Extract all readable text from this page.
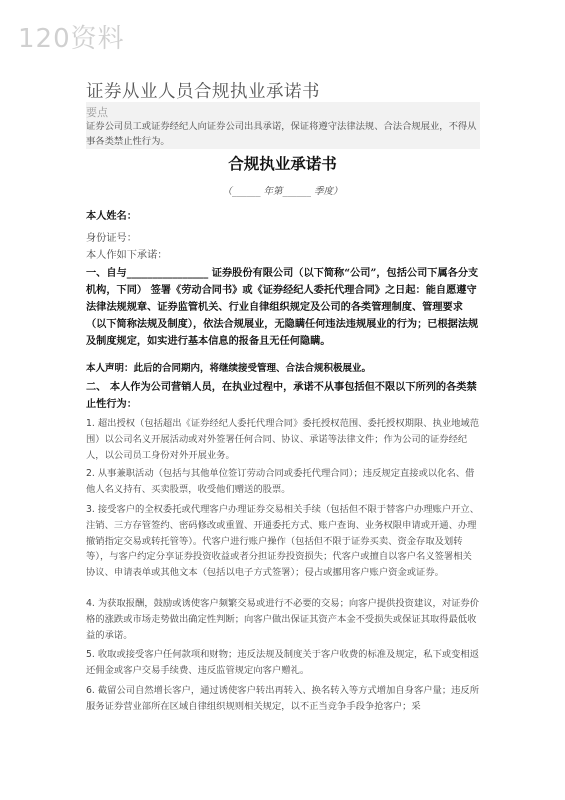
120资料
证券从业人员合规执业承诺书
要点
证券公司员工或证券经纪人向证券公司出具承诺，保证将遵守法律法规、合法合规展业，不得从事各类禁止性行为。
合规执业承诺书
（______ 年第______ 季度）
本人姓名：
身份证号：
本人作如下承诺：
一、自与________________ 证券股份有限公司（以下简称“公司”，包括公司下属各分支机构，下同） 签署《劳动合同书》或《证券经纪人委托代理合同》之日起：能自愿遵守法律法规规章、证券监管机关、行业自律组织规定及公司的各类管理制度、管理要求（以下简称法规及制度），依法合规展业，无隐瞒任何违法违规展业的行为；已根据法规及制度规定，如实进行基本信息的报备且无任何隐瞒。
本人声明：此后的合同期内，将继续接受管理、合法合规积极展业。
二、 本人作为公司营销人员，在执业过程中，承诺不从事包括但不限以下所列的各类禁止性行为：
1. 超出授权（包括超出《证券经纪人委托代理合同》委托授权范围、委托授权期限、执业地域范围）以公司名义开展活动或对外签署任何合同、协议、承诺等法律文件；作为公司的证券经纪人，以公司员工身份对外开展业务。
2. 从事兼职活动（包括与其他单位签订劳动合同或委托代理合同）；违反规定直接或以化名、借他人名义持有、买卖股票，收受他们赠送的股票。
3. 接受客户的全权委托或代理客户办理证券交易相关手续（包括但不限于替客户办理账户开立、注销、三方存管签约、密码修改或重置、开通委托方式、账户查询、业务权限申请或开通、办理撤销指定交易或转托管等）。代客户进行账户操作（包括但不限于证券买卖、资金存取及划转等），与客户约定分享证券投资收益或者分担证券投资损失；代客户或擅自以客户名义签署相关协议、申请表单或其他文本（包括以电子方式签署）；侵占或挪用客户账户资金或证券。
4. 为获取报酬，鼓励或诱使客户频繁交易或进行不必要的交易；向客户提供投资建议，对证券价格的涨跌或市场走势做出确定性判断；向客户做出保证其资产本金不受损失或保证其取得最低收益的承诺。
5. 收取或接受客户任何款项和财物；违反法规及制度关于客户收费的标准及规定，私下或变相返还佣金或客户交易手续费、违反监管规定向客户赠礼。
6. 截留公司自然增长客户，通过诱使客户转出再转入、换名转入等方式增加自身客户量；违反所服务证券营业部所在区域自律组织规则相关规定，以不正当竞争手段争抢客户；采
